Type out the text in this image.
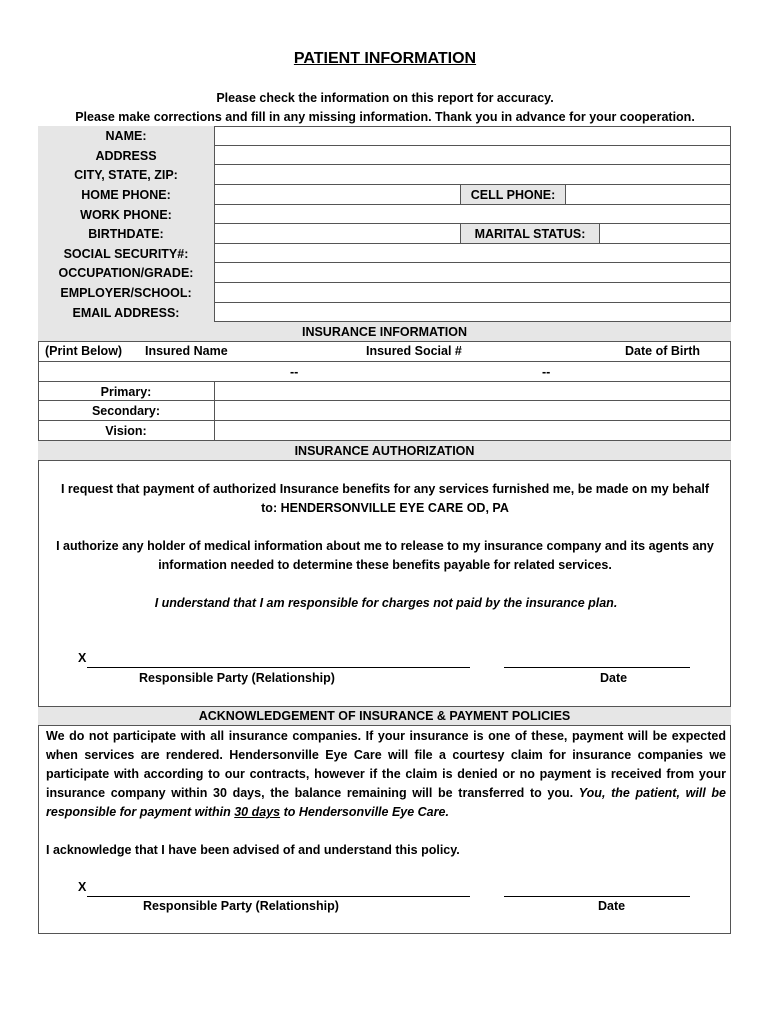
PATIENT INFORMATION
Please check the information on this report for accuracy.
Please make corrections and fill in any missing information. Thank you in advance for your cooperation.
NAME:
ADDRESS
CITY, STATE, ZIP:
HOME PHONE:	CELL PHONE:
WORK PHONE:
BIRTHDATE:	MARITAL STATUS:
SOCIAL SECURITY#:
OCCUPATION/GRADE:
EMPLOYER/SCHOOL:
EMAIL ADDRESS:
INSURANCE INFORMATION
(Print Below) Insured Name	Insured Social #	Date of Birth
--	--
Primary:
Secondary:
Vision:
INSURANCE AUTHORIZATION
I request that payment of authorized Insurance benefits for any services furnished me, be made on my behalf to: HENDERSONVILLE EYE CARE OD, PA
I authorize any holder of medical information about me to release to my insurance company and its agents any information needed to determine these benefits payable for related services.
I understand that I am responsible for charges not paid by the insurance plan.
X
Responsible Party (Relationship)	Date
ACKNOWLEDGEMENT OF INSURANCE & PAYMENT POLICIES
We do not participate with all insurance companies. If your insurance is one of these, payment will be expected when services are rendered. Hendersonville Eye Care will file a courtesy claim for insurance companies we participate with according to our contracts, however if the claim is denied or no payment is received from your insurance company within 30 days, the balance remaining will be transferred to you. You, the patient, will be responsible for payment within 30 days to Hendersonville Eye Care.
I acknowledge that I have been advised of and understand this policy.
X
Responsible Party (Relationship)	Date
